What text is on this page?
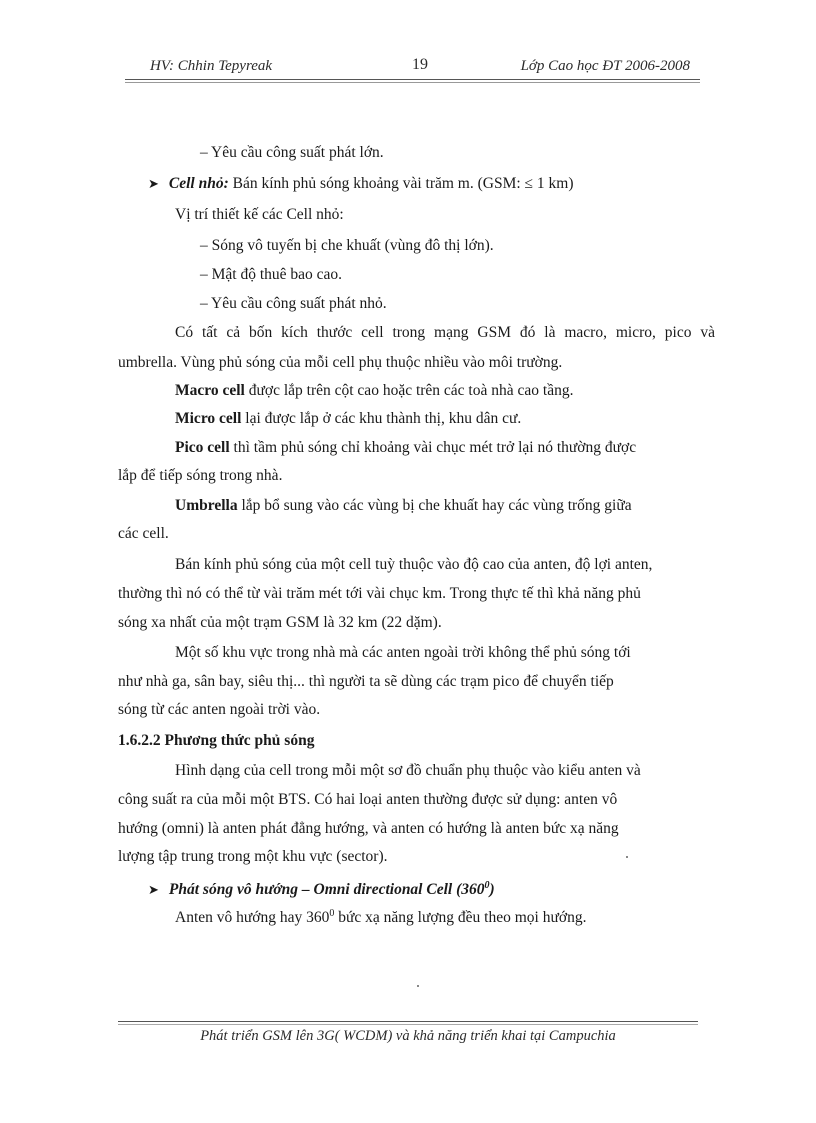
HV: Chhin Tepyreak	19	Lớp Cao học ĐT 2006-2008
– Yêu cầu công suất phát lớn.
➤ Cell nhỏ: Bán kính phủ sóng khoảng vài trăm m. (GSM: ≤ 1 km)
Vị trí thiết kế các Cell nhỏ:
– Sóng vô tuyến bị che khuất (vùng đô thị lớn).
– Mật độ thuê bao cao.
– Yêu cầu công suất phát nhỏ.
Có tất cả bốn kích thước cell trong mạng GSM đó là macro, micro, pico và
umbrella. Vùng phủ sóng của mỗi cell phụ thuộc nhiều vào môi trường.
Macro cell được lắp trên cột cao hoặc trên các toà nhà cao tầng.
Micro cell lại được lắp ở các khu thành thị, khu dân cư.
Pico cell thì tầm phủ sóng chỉ khoảng vài chục mét trở lại nó thường được
lắp để tiếp sóng trong nhà.
Umbrella lắp bổ sung vào các vùng bị che khuất hay các vùng trống giữa
các cell.
Bán kính phủ sóng của một cell tuỳ thuộc vào độ cao của anten, độ lợi anten,
thường thì nó có thể từ vài trăm mét tới vài chục km. Trong thực tế thì khả năng phủ
sóng xa nhất của một trạm GSM là 32 km (22 dặm).
Một số khu vực trong nhà mà các anten ngoài trời không thể phủ sóng tới
như nhà ga, sân bay, siêu thị... thì người ta sẽ dùng các trạm pico để chuyển tiếp
sóng từ các anten ngoài trời vào.
1.6.2.2 Phương thức phủ sóng
Hình dạng của cell trong mỗi một sơ đồ chuẩn phụ thuộc vào kiểu anten và
công suất ra của mỗi một BTS. Có hai loại anten thường được sử dụng: anten vô
hướng (omni) là anten phát đẳng hướng, và anten có hướng là anten bức xạ năng
lượng tập trung trong một khu vực (sector).
➤ Phát sóng vô hướng – Omni directional Cell $(360^0)$
Anten vô hướng hay $360^0$ bức xạ năng lượng đều theo mọi hướng.
Phát triển GSM lên 3G( WCDM) và khả năng triển khai tại Campuchia
